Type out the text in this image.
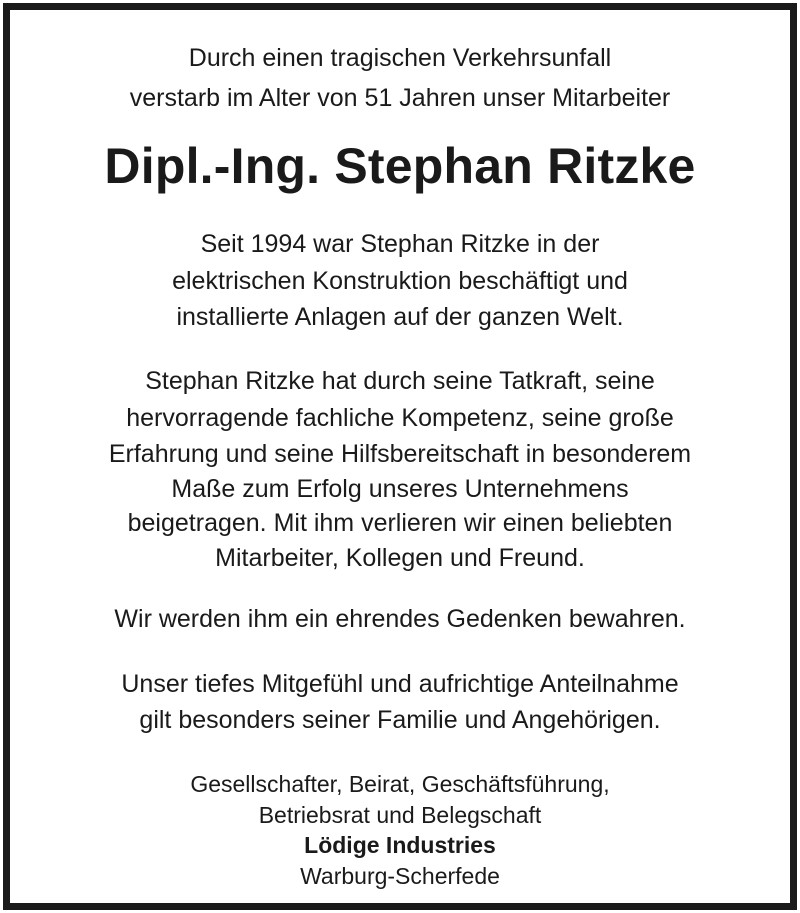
Durch einen tragischen Verkehrsunfall
verstarb im Alter von 51 Jahren unser Mitarbeiter
Dipl.-Ing. Stephan Ritzke
Seit 1994 war Stephan Ritzke in der
elektrischen Konstruktion beschäftigt und
installierte Anlagen auf der ganzen Welt.
Stephan Ritzke hat durch seine Tatkraft, seine
hervorragende fachliche Kompetenz, seine große
Erfahrung und seine Hilfsbereitschaft in besonderem
Maße zum Erfolg unseres Unternehmens
beigetragen. Mit ihm verlieren wir einen beliebten
Mitarbeiter, Kollegen und Freund.
Wir werden ihm ein ehrendes Gedenken bewahren.
Unser tiefes Mitgefühl und aufrichtige Anteilnahme
gilt besonders seiner Familie und Angehörigen.
Gesellschafter, Beirat, Geschäftsführung,
Betriebsrat und Belegschaft
Lödige Industries
Warburg-Scherfede
